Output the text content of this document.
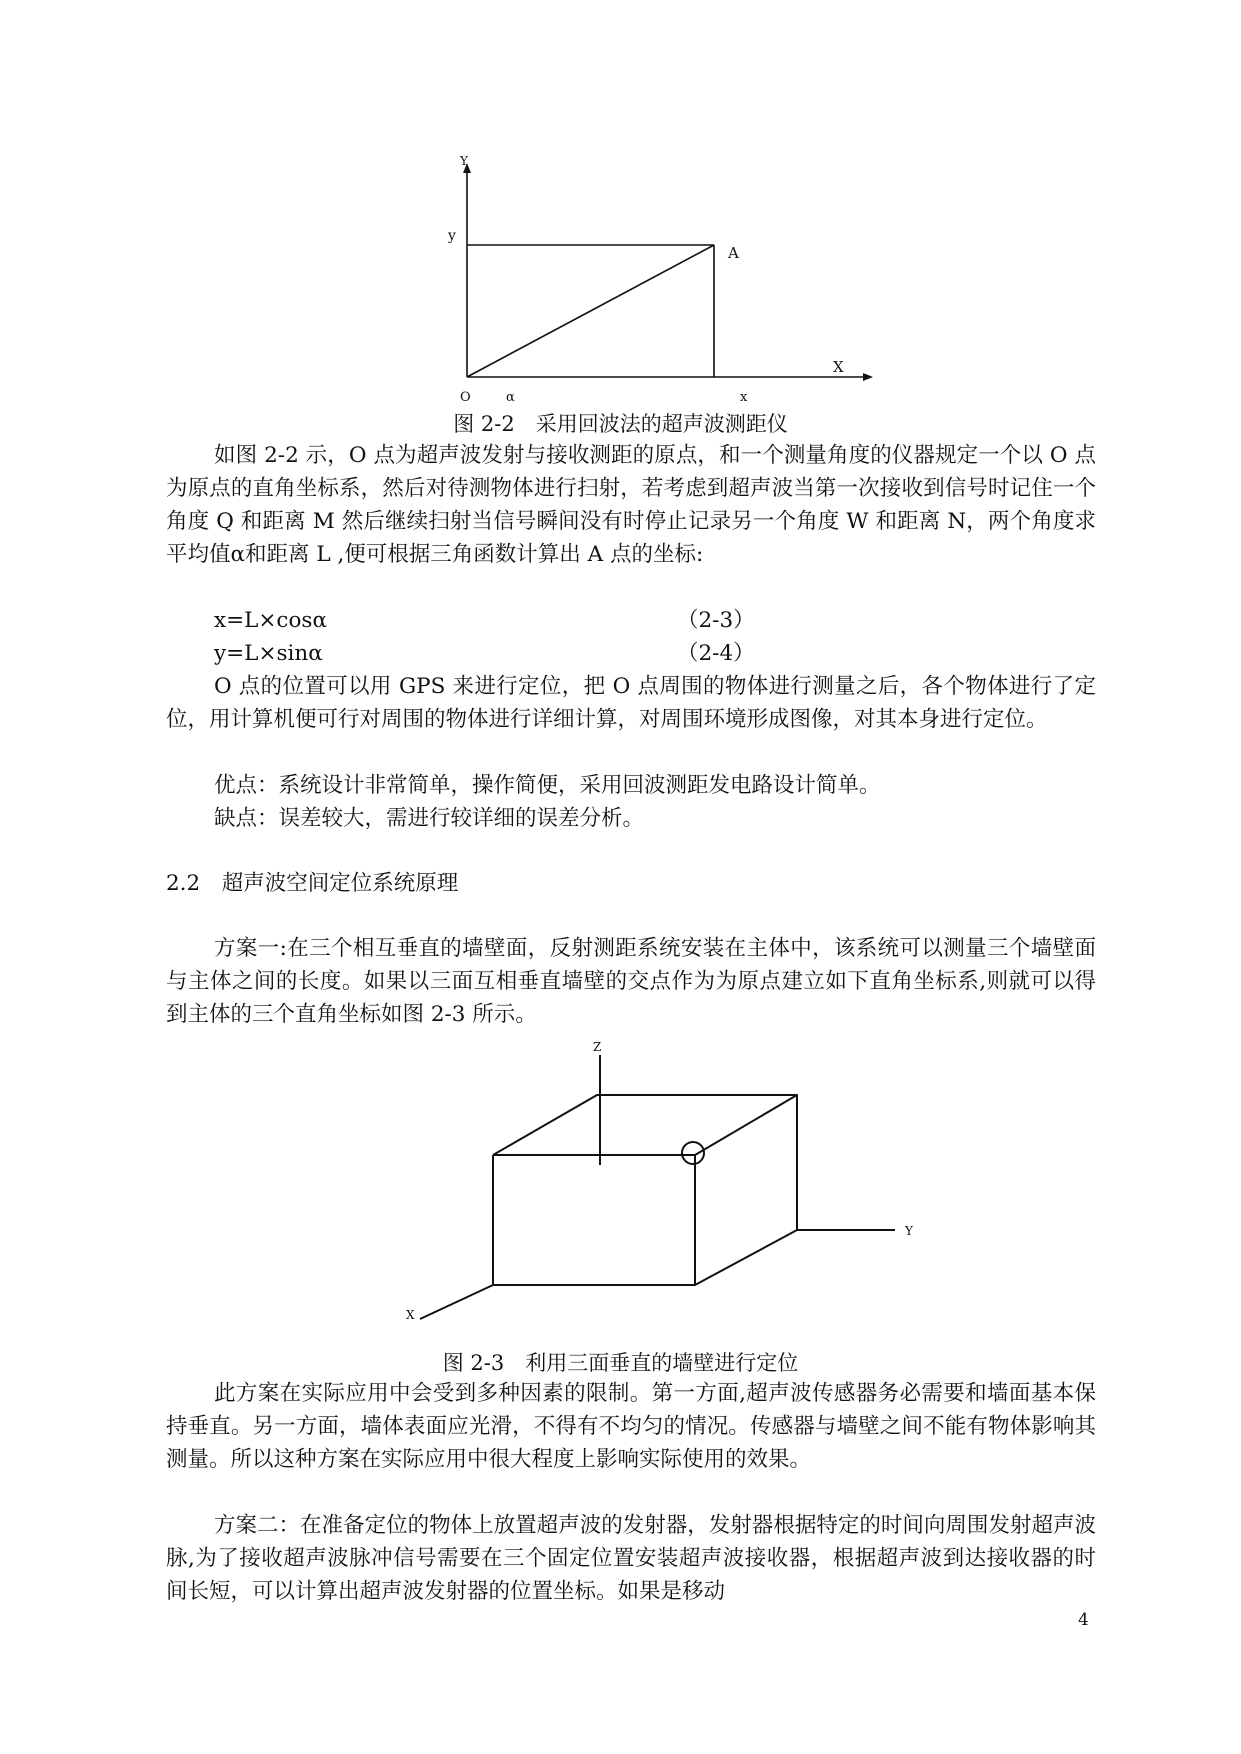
Y
y
A
X
O	α	x
图 2-2　采用回波法的超声波测距仪

如图 2-2 示，O 点为超声波发射与接收测距的原点，和一个测量角度的仪器规定一个以 O 点为原点的直角坐标系，然后对待测物体进行扫射，若考虑到超声波当第一次接收到信号时记住一个角度 Q 和距离 M 然后继续扫射当信号瞬间没有时停止记录另一个角度 W 和距离 N，两个角度求平均值α和距离 L ,便可根据三角函数计算出 A 点的坐标:

x=L×cosα	（2-3）
y=L×sinα	（2-4）

O 点的位置可以用 GPS 来进行定位，把 O 点周围的物体进行测量之后，各个物体进行了定位，用计算机便可行对周围的物体进行详细计算，对周围环境形成图像，对其本身进行定位。

优点：系统设计非常简单，操作简便，采用回波测距发电路设计简单。
缺点：误差较大，需进行较详细的误差分析。
2.2　超声波空间定位系统原理

方案一:在三个相互垂直的墙壁面，反射测距系统安装在主体中，该系统可以测量三个墙壁面与主体之间的长度。如果以三面互相垂直墙壁的交点作为为原点建立如下直角坐标系,则就可以得到主体的三个直角坐标如图 2-3 所示。

Z
Y
X
图 2-3　利用三面垂直的墙壁进行定位

此方案在实际应用中会受到多种因素的限制。第一方面,超声波传感器务必需要和墙面基本保持垂直。另一方面，墙体表面应光滑，不得有不均匀的情况。传感器与墙壁之间不能有物体影响其测量。所以这种方案在实际应用中很大程度上影响实际使用的效果。

方案二：在准备定位的物体上放置超声波的发射器，发射器根据特定的时间向周围发射超声波脉,为了接收超声波脉冲信号需要在三个固定位置安装超声波接收器，根据超声波到达接收器的时间长短，可以计算出超声波发射器的位置坐标。如果是移动

4
